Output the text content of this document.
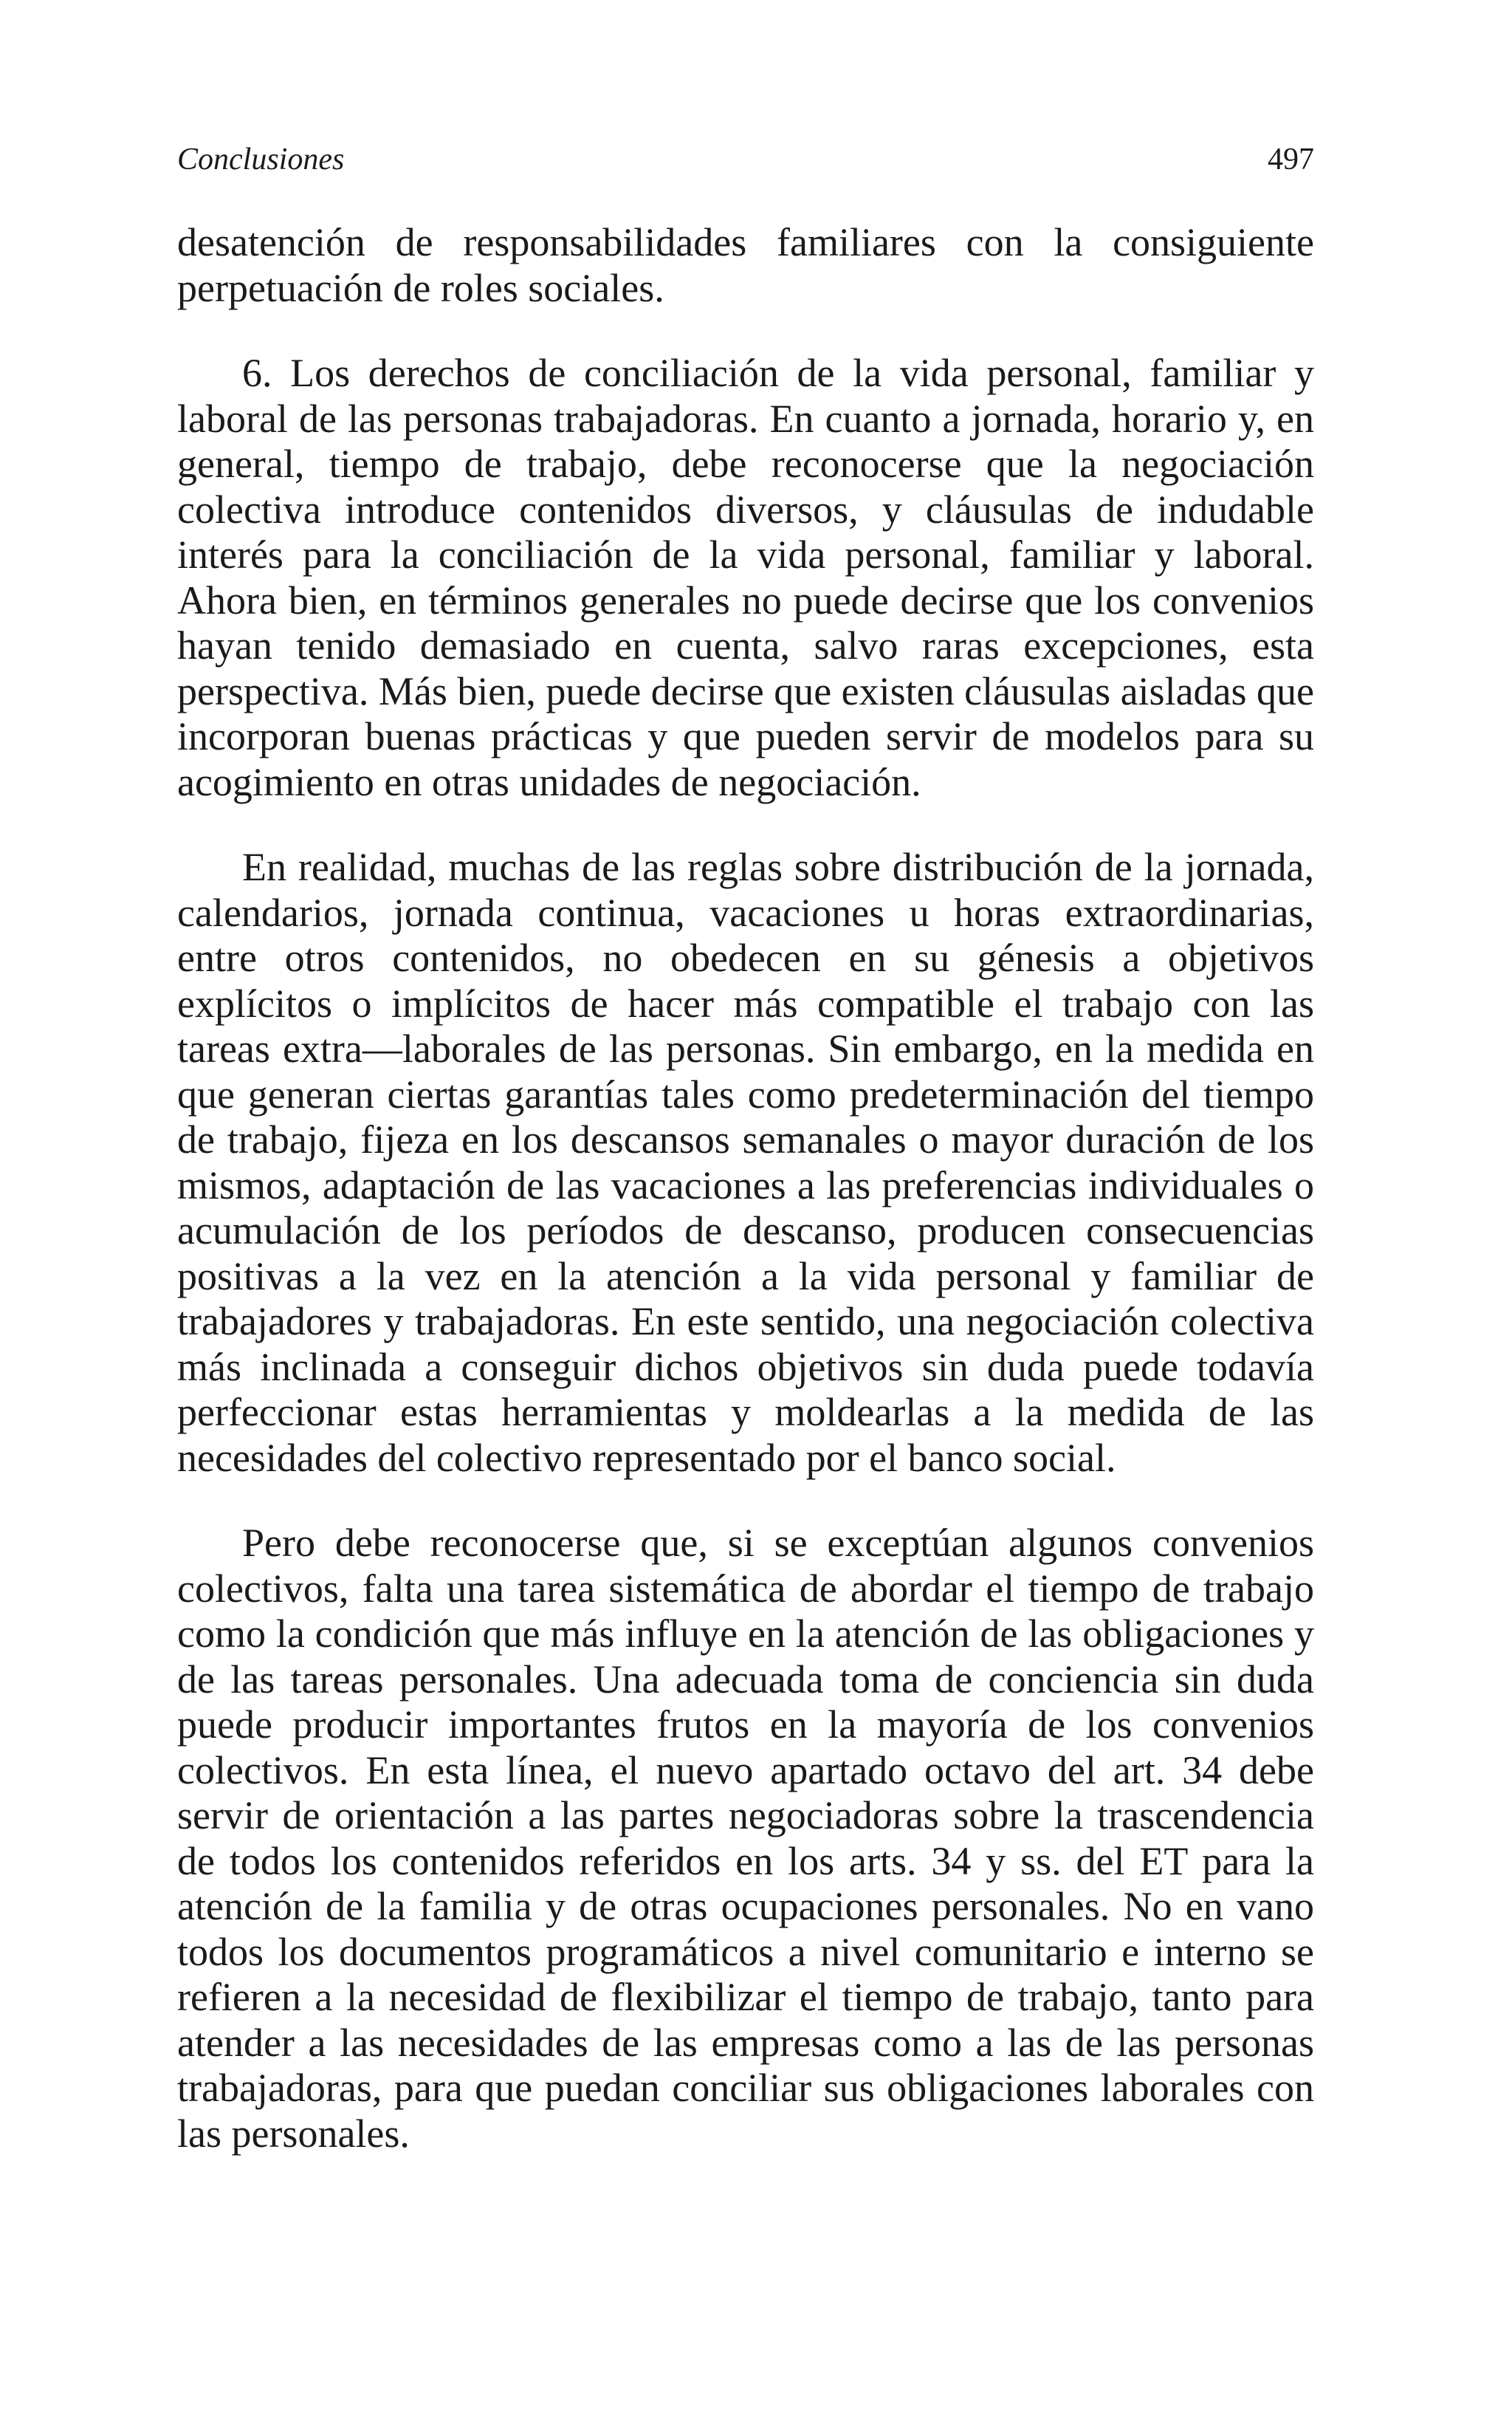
Conclusiones	497

desatención de responsabilidades familiares con la consiguiente perpetuación de roles sociales.

6. Los derechos de conciliación de la vida personal, familiar y laboral de las personas trabajadoras. En cuanto a jornada, horario y, en general, tiempo de trabajo, debe reconocerse que la negociación colectiva introduce contenidos diversos, y cláusulas de indudable interés para la conciliación de la vida personal, familiar y laboral. Ahora bien, en términos generales no puede decirse que los convenios hayan tenido demasiado en cuenta, salvo raras excepciones, esta perspectiva. Más bien, puede decirse que existen cláusulas aisladas que incorporan buenas prácticas y que pueden servir de modelos para su acogimiento en otras unidades de negociación.

En realidad, muchas de las reglas sobre distribución de la jornada, calendarios, jornada continua, vacaciones u horas extraordinarias, entre otros contenidos, no obedecen en su génesis a objetivos explícitos o implícitos de hacer más compatible el trabajo con las tareas extra—laborales de las personas. Sin embargo, en la medida en que generan ciertas garantías tales como predeterminación del tiempo de trabajo, fijeza en los descansos semanales o mayor duración de los mismos, adaptación de las vacaciones a las preferencias individuales o acumulación de los períodos de descanso, producen consecuencias positivas a la vez en la atención a la vida personal y familiar de trabajadores y trabajadoras. En este sentido, una negociación colectiva más inclinada a conseguir dichos objetivos sin duda puede todavía perfeccionar estas herramientas y moldearlas a la medida de las necesidades del colectivo representado por el banco social.

Pero debe reconocerse que, si se exceptúan algunos convenios colectivos, falta una tarea sistemática de abordar el tiempo de trabajo como la condición que más influye en la atención de las obligaciones y de las tareas personales. Una adecuada toma de conciencia sin duda puede producir importantes frutos en la mayoría de los convenios colectivos. En esta línea, el nuevo apartado octavo del art. 34 debe servir de orientación a las partes negociadoras sobre la trascendencia de todos los contenidos referidos en los arts. 34 y ss. del ET para la atención de la familia y de otras ocupaciones personales. No en vano todos los documentos programáticos a nivel comunitario e interno se refieren a la necesidad de flexibilizar el tiempo de trabajo, tanto para atender a las necesidades de las empresas como a las de las personas trabajadoras, para que puedan conciliar sus obligaciones laborales con las personales.
